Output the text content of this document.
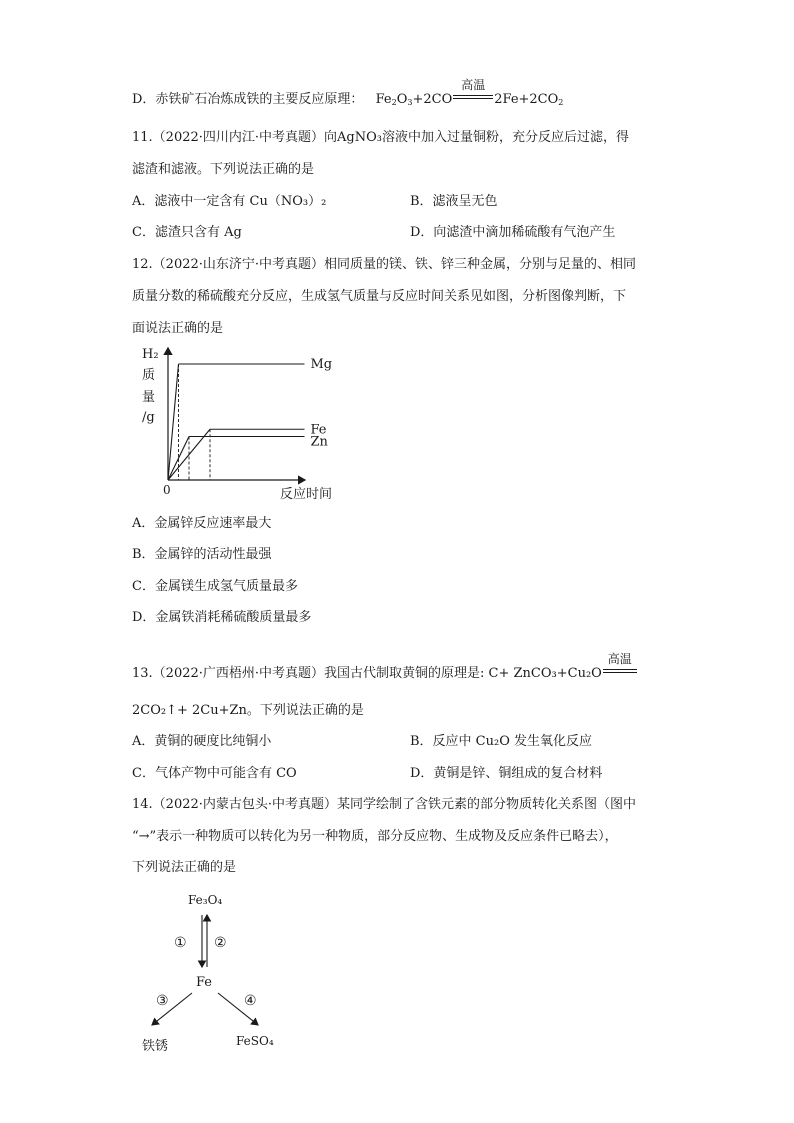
D．赤铁矿石冶炼成铁的主要反应原理： $Fe_2O_3+2CO$
高温
$2Fe+2CO_2$
11.（2022·四川内江·中考真题）向AgNO₃溶液中加入过量铜粉，充分反应后过滤，得
滤渣和滤液。下列说法正确的是
A．滤液中一定含有 Cu（NO₃）₂	B．滤液呈无色
C．滤渣只含有 Ag	D．向滤渣中滴加稀硫酸有气泡产生
12.（2022·山东济宁·中考真题）相同质量的镁、铁、锌三种金属，分别与足量的、相同
质量分数的稀硫酸充分反应，生成氢气质量与反应时间关系见如图，分析图像判断，下
面说法正确的是
H₂
质
量
/g
0	反应时间
Mg
Fe
Zn
A．金属锌反应速率最大
B．金属锌的活动性最强
C．金属镁生成氢气质量最多
D．金属铁消耗稀硫酸质量最多
13.（2022·广西梧州·中考真题）我国古代制取黄铜的原理是: C+ ZnCO₃+Cu₂O
高温
2CO₂↑+ 2Cu+Zn。下列说法正确的是
A．黄铜的硬度比纯铜小	B．反应中 Cu₂O 发生氧化反应
C．气体产物中可能含有 CO	D．黄铜是锌、铜组成的复合材料
14.（2022·内蒙古包头·中考真题）某同学绘制了含铁元素的部分物质转化关系图（图中
“→”表示一种物质可以转化为另一种物质，部分反应物、生成物及反应条件已略去），
下列说法正确的是
Fe₃O₄
Fe
铁锈	FeSO₄
① ②
③	④
